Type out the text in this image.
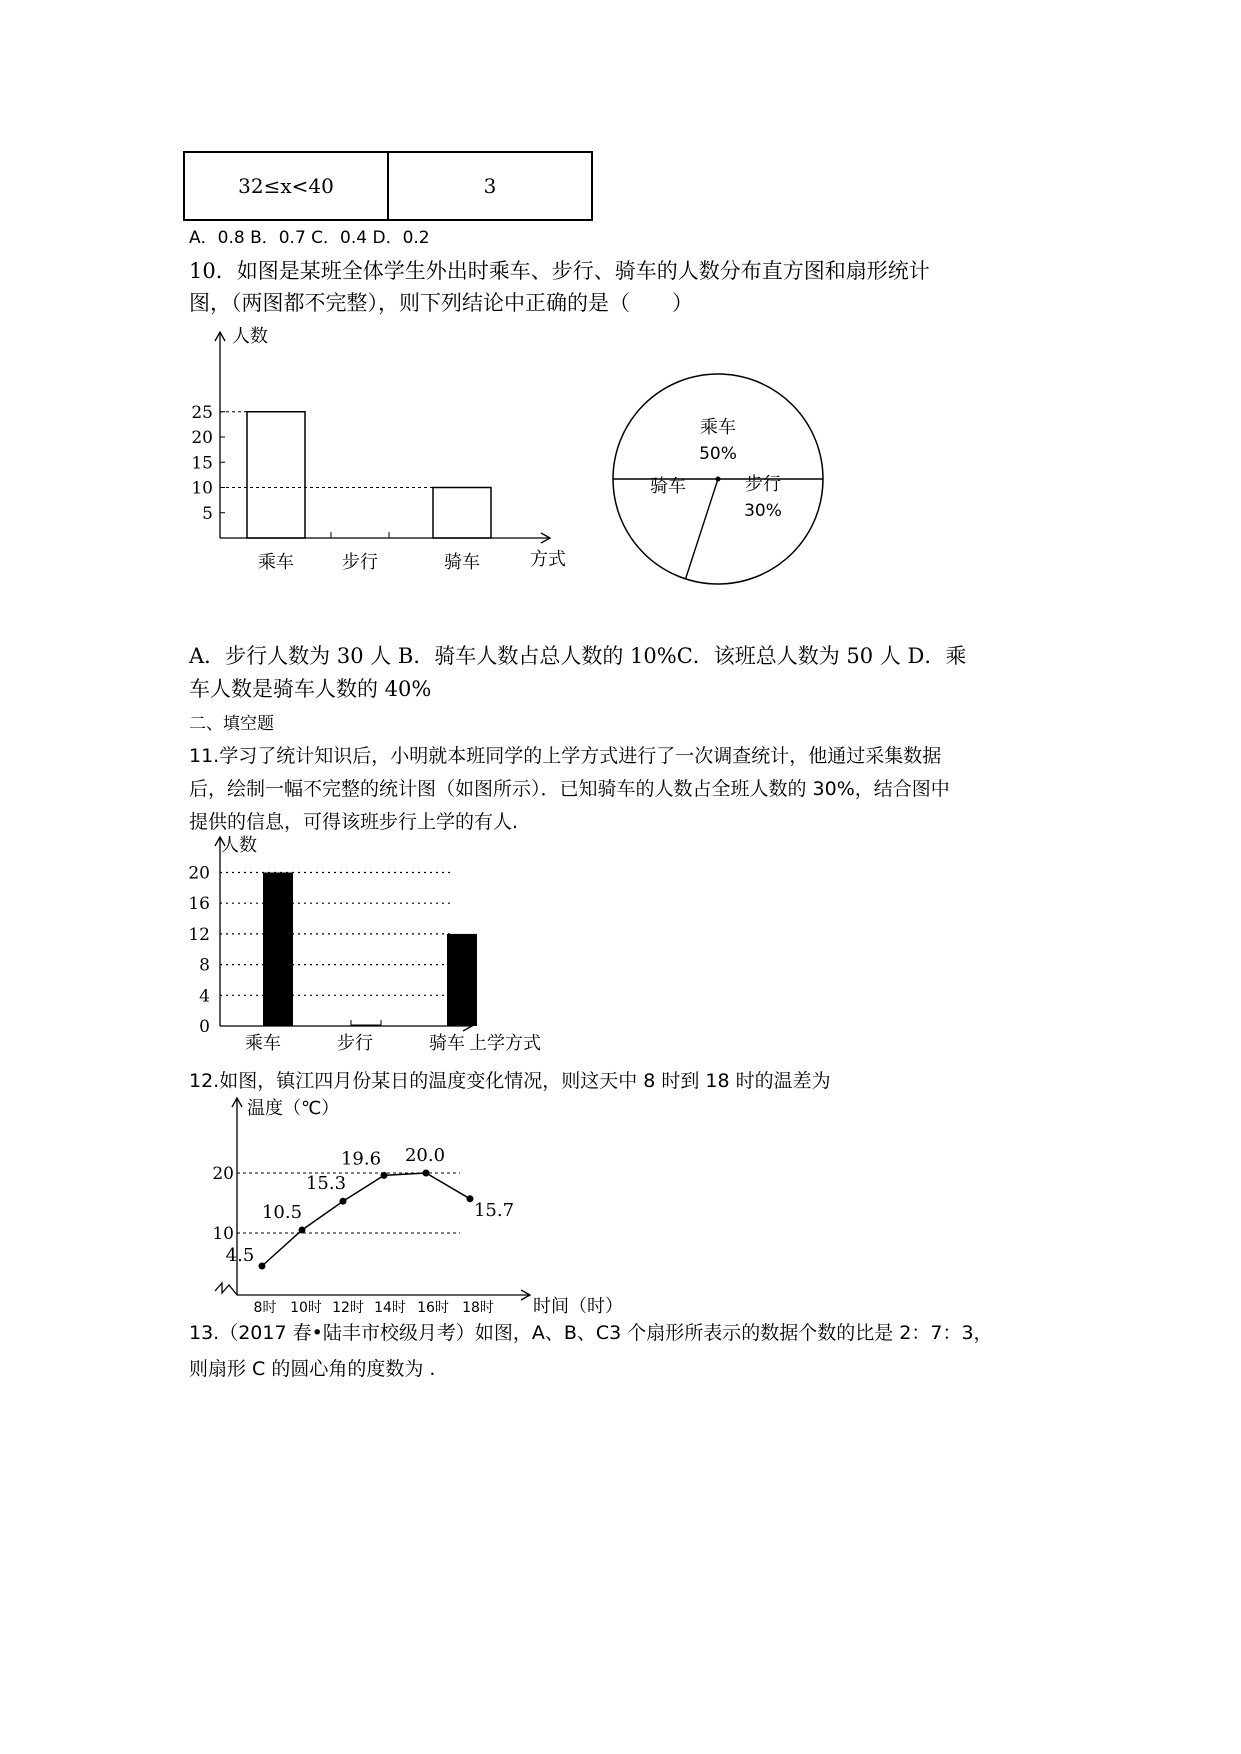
32≤x<40	3
A．0.8 B．0.7 C．0.4 D．0.2
10．如图是某班全体学生外出时乘车、步行、骑车的人数分布直方图和扇形统计
图，（两图都不完整），则下列结论中正确的是（　　）
人数
方式
5
10
15
20
25
乘车	步行	骑车
乘车
50%
步行
30%
骑车
A．步行人数为 30 人 B．骑车人数占总人数的 10%C．该班总人数为 50 人 D．乘
车人数是骑车人数的 40%
二、填空题
11.学习了统计知识后，小明就本班同学的上学方式进行了一次调查统计，他通过采集数据
后，绘制一幅不完整的统计图（如图所示）．已知骑车的人数占全班人数的 30%，结合图中
提供的信息，可得该班步行上学的有人.
0
4
8
12
16
20
人数
上学方式
乘车	步行	骑车
12.如图，镇江四月份某日的温度变化情况，则这天中 8 时到 18 时的温差为
温度（℃）
时间（时）
10
20
8时 10时 12时 14时 16时 18时
4.5
10.5
15.3
19.6 20.0
15.7
13.（2017 春•陆丰市校级月考）如图，A、B、C3 个扇形所表示的数据个数的比是 2：7：3，
则扇形 C 的圆心角的度数为 .
